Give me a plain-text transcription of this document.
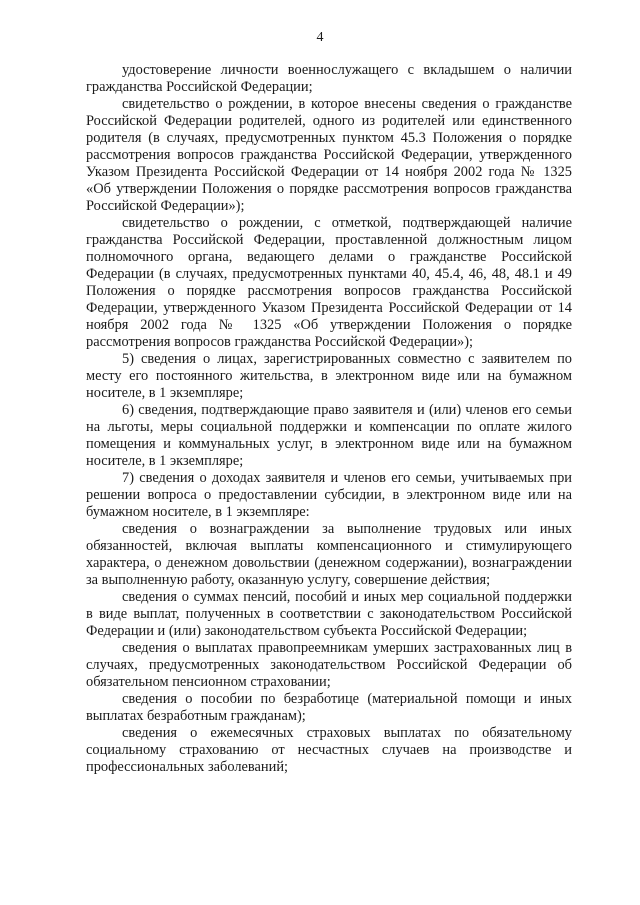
4

удостоверение личности военнослужащего с вкладышем о наличии гражданства Российской Федерации;

свидетельство о рождении, в которое внесены сведения о гражданстве Российской Федерации родителей, одного из родителей или единственного родителя (в случаях, предусмотренных пунктом 45.3 Положения о порядке рассмотрения вопросов гражданства Российской Федерации, утвержденного Указом Президента Российской Федерации от 14 ноября 2002 года № 1325 «Об утверждении Положения о порядке рассмотрения вопросов гражданства Российской Федерации»);

свидетельство о рождении, с отметкой, подтверждающей наличие гражданства Российской Федерации, проставленной должностным лицом полномочного органа, ведающего делами о гражданстве Российской Федерации (в случаях, предусмотренных пунктами 40, 45.4, 46, 48, 48.1 и 49 Положения о порядке рассмотрения вопросов гражданства Российской Федерации, утвержденного Указом Президента Российской Федерации от 14 ноября 2002 года № 1325 «Об утверждении Положения о порядке рассмотрения вопросов гражданства Российской Федерации»);

5) сведения о лицах, зарегистрированных совместно с заявителем по месту его постоянного жительства, в электронном виде или на бумажном носителе, в 1 экземпляре;

6) сведения, подтверждающие право заявителя и (или) членов его семьи на льготы, меры социальной поддержки и компенсации по оплате жилого помещения и коммунальных услуг, в электронном виде или на бумажном носителе, в 1 экземпляре;

7) сведения о доходах заявителя и членов его семьи, учитываемых при решении вопроса о предоставлении субсидии, в электронном виде или на бумажном носителе, в 1 экземпляре:

сведения о вознаграждении за выполнение трудовых или иных обязанностей, включая выплаты компенсационного и стимулирующего характера, о денежном довольствии (денежном содержании), вознаграждении за выполненную работу, оказанную услугу, совершение действия;

сведения о суммах пенсий, пособий и иных мер социальной поддержки в виде выплат, полученных в соответствии с законодательством Российской Федерации и (или) законодательством субъекта Российской Федерации;

сведения о выплатах правопреемникам умерших застрахованных лиц в случаях, предусмотренных законодательством Российской Федерации об обязательном пенсионном страховании;

сведения о пособии по безработице (материальной помощи и иных выплатах безработным гражданам);

сведения о ежемесячных страховых выплатах по обязательному социальному страхованию от несчастных случаев на производстве и профессиональных заболеваний;
